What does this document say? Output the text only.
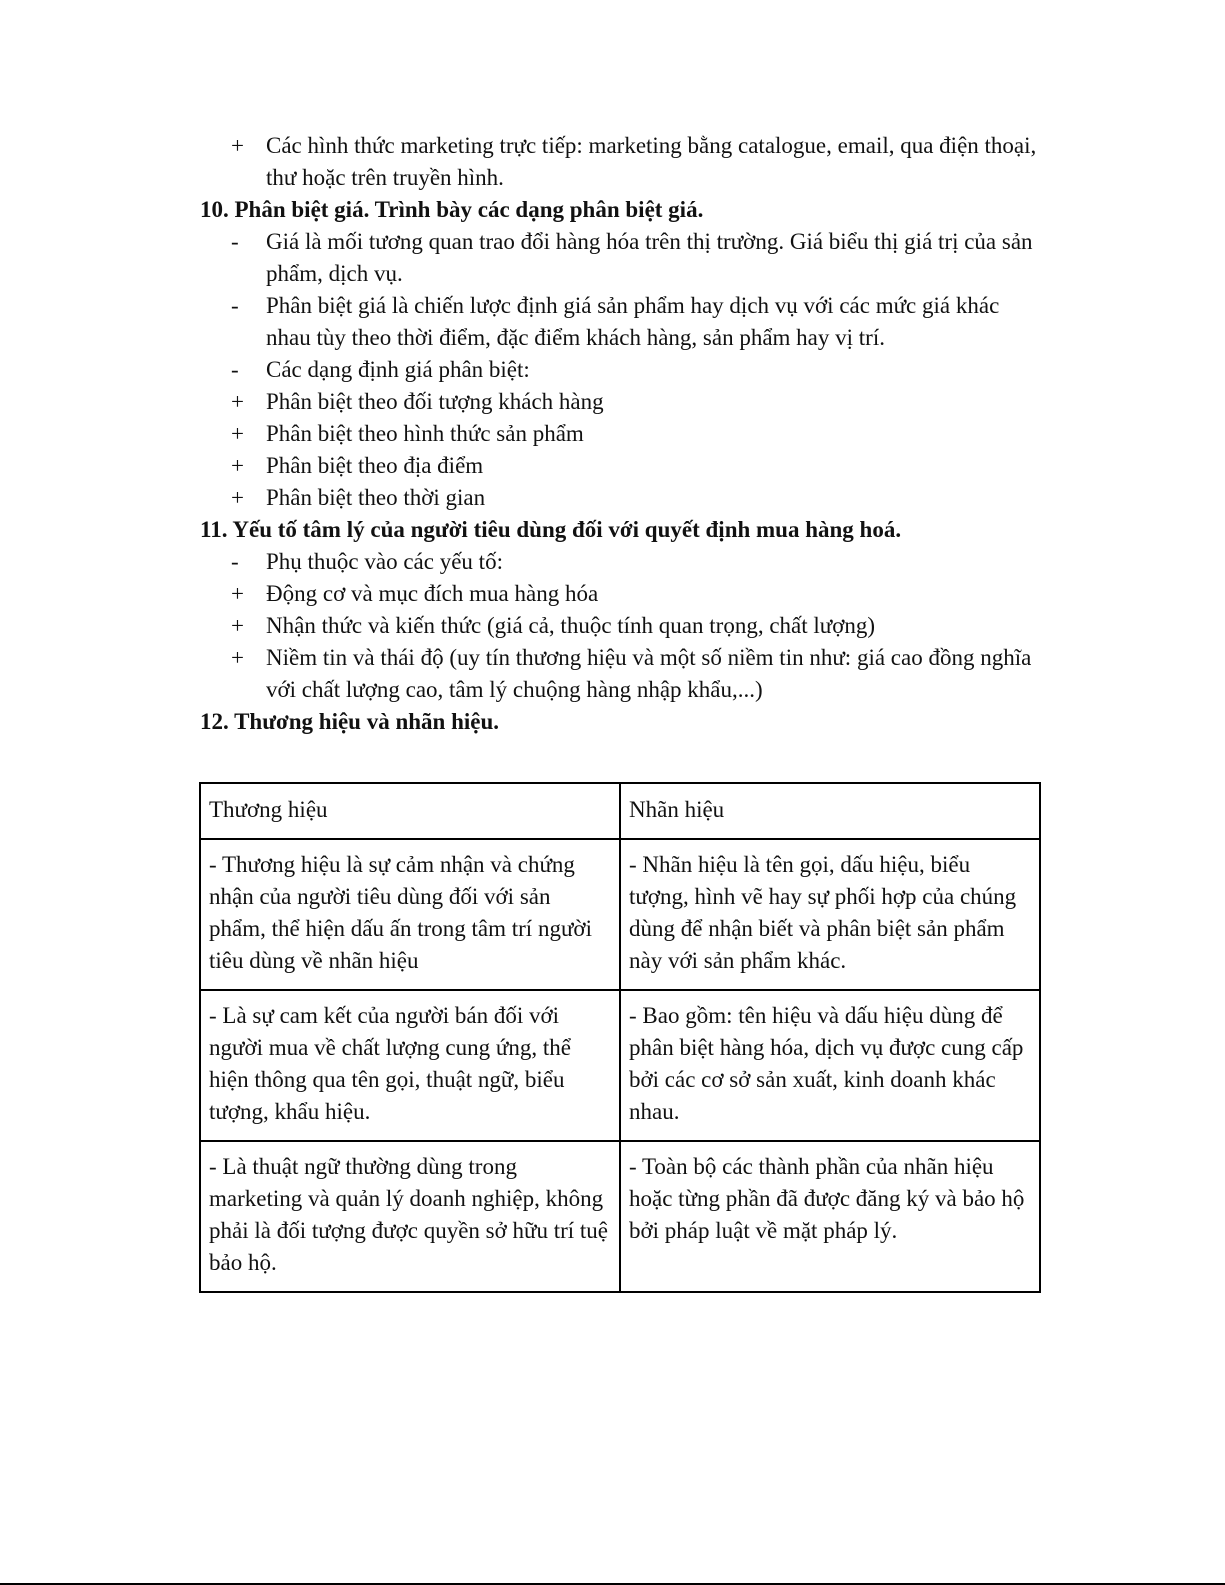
+ Các hình thức marketing trực tiếp: marketing bằng catalogue, email, qua điện thoại, thư hoặc trên truyền hình.
10. Phân biệt giá. Trình bày các dạng phân biệt giá.
-	Giá là mối tương quan trao đổi hàng hóa trên thị trường. Giá biểu thị giá trị của sản phẩm, dịch vụ.
-	Phân biệt giá là chiến lược định giá sản phẩm hay dịch vụ với các mức giá khác nhau tùy theo thời điểm, đặc điểm khách hàng, sản phẩm hay vị trí.
-	Các dạng định giá phân biệt:
+ Phân biệt theo đối tượng khách hàng
+ Phân biệt theo hình thức sản phẩm
+ Phân biệt theo địa điểm
+ Phân biệt theo thời gian
11. Yếu tố tâm lý của người tiêu dùng đối với quyết định mua hàng hoá.
-	Phụ thuộc vào các yếu tố:
+ Động cơ và mục đích mua hàng hóa
+ Nhận thức và kiến thức (giá cả, thuộc tính quan trọng, chất lượng)
+ Niềm tin và thái độ (uy tín thương hiệu và một số niềm tin như: giá cao đồng nghĩa với chất lượng cao, tâm lý chuộng hàng nhập khẩu,...)
12. Thương hiệu và nhãn hiệu.
Thương hiệu	Nhãn hiệu
- Thương hiệu là sự cảm nhận và chứng nhận của người tiêu dùng đối với sản phẩm, thể hiện dấu ấn trong tâm trí người tiêu dùng về nhãn hiệu	- Nhãn hiệu là tên gọi, dấu hiệu, biểu tượng, hình vẽ hay sự phối hợp của chúng dùng để nhận biết và phân biệt sản phẩm này với sản phẩm khác.
- Là sự cam kết của người bán đối với người mua về chất lượng cung ứng, thể hiện thông qua tên gọi, thuật ngữ, biểu tượng, khẩu hiệu.	- Bao gồm: tên hiệu và dấu hiệu dùng để phân biệt hàng hóa, dịch vụ được cung cấp bởi các cơ sở sản xuất, kinh doanh khác nhau.
- Là thuật ngữ thường dùng trong marketing và quản lý doanh nghiệp, không phải là đối tượng được quyền sở hữu trí tuệ bảo hộ.	- Toàn bộ các thành phần của nhãn hiệu hoặc từng phần đã được đăng ký và bảo hộ bởi pháp luật về mặt pháp lý.
